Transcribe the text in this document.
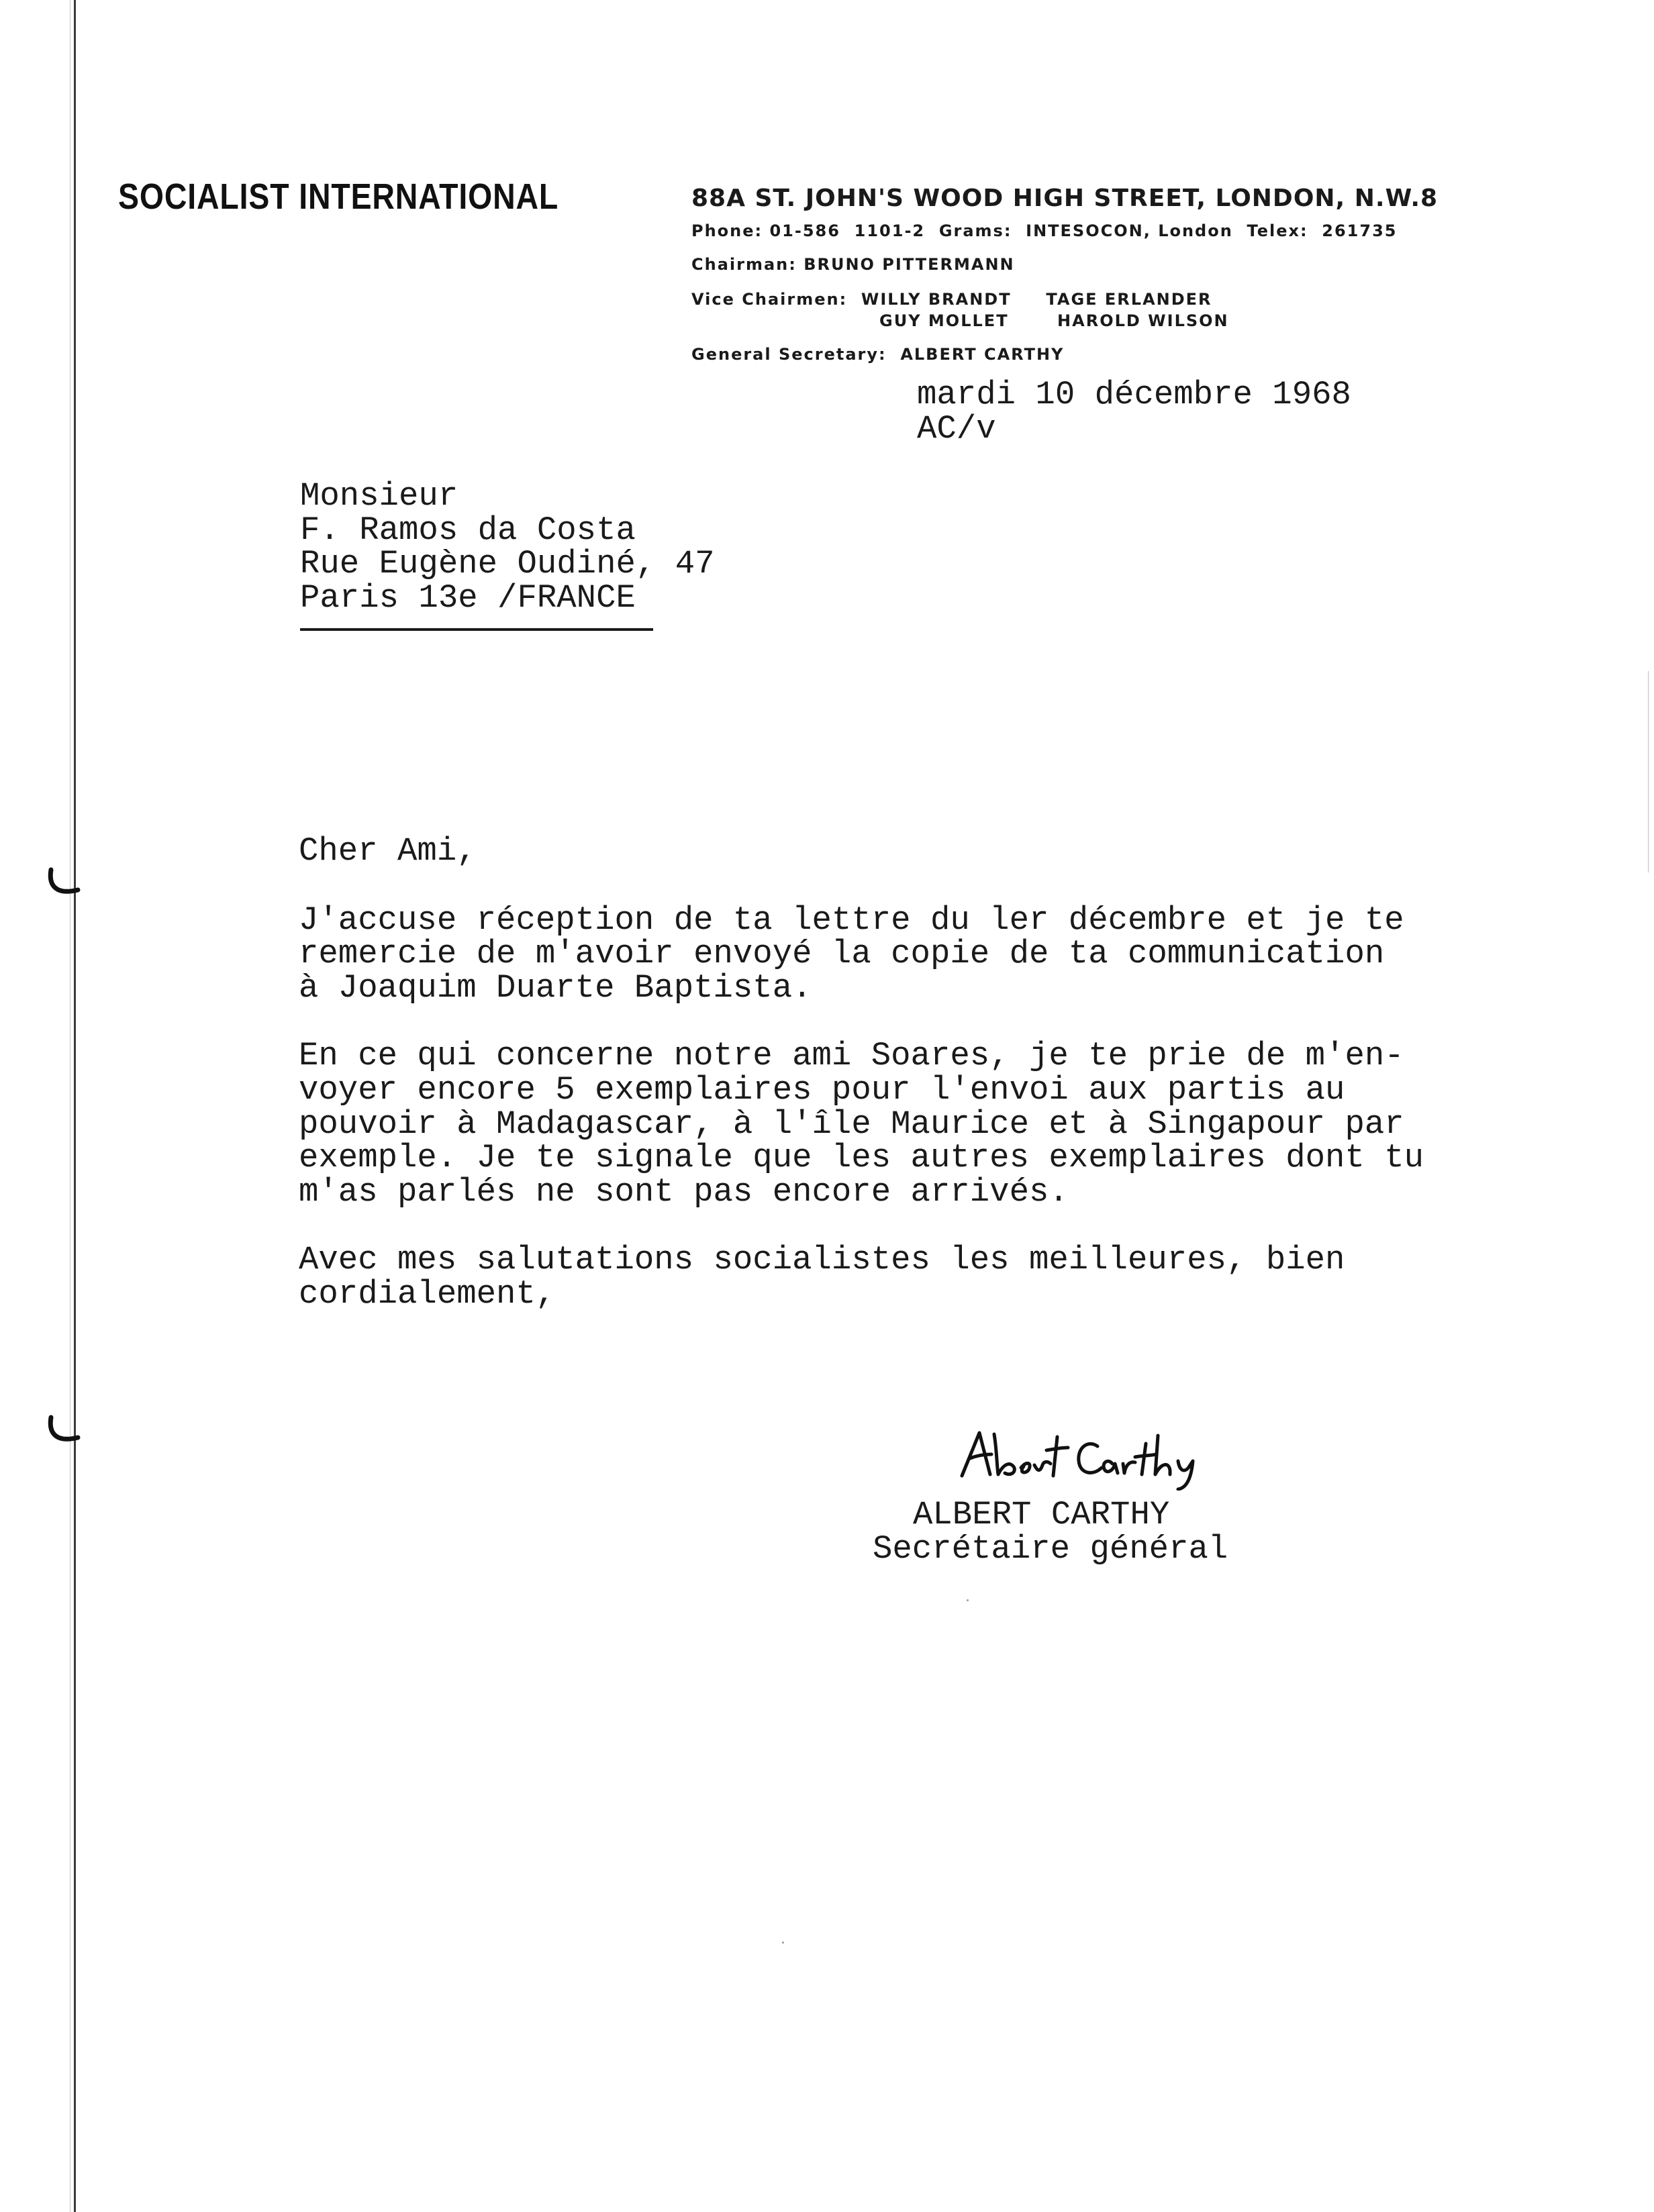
SOCIALIST INTERNATIONAL	88A ST. JOHN'S WOOD HIGH STREET, LONDON, N.W.8
Phone: 01-586  1101-2  Grams:  INTESOCON, London  Telex:  261735
Chairman: BRUNO PITTERMANN
Vice Chairmen:  WILLY BRANDT     TAGE ERLANDER
GUY MOLLET       HAROLD WILSON
General Secretary:  ALBERT CARTHY
mardi 10 décembre 1968
AC/v
Monsieur
F. Ramos da Costa
Rue Eugène Oudiné, 47
Paris 13e /FRANCE
Cher Ami,
J'accuse réception de ta lettre du ler décembre et je te
remercie de m'avoir envoyé la copie de ta communication
à Joaquim Duarte Baptista.
En ce qui concerne notre ami Soares, je te prie de m'en-
voyer encore 5 exemplaires pour l'envoi aux partis au
pouvoir à Madagascar, à l'île Maurice et à Singapour par
exemple. Je te signale que les autres exemplaires dont tu
m'as parlés ne sont pas encore arrivés.
Avec mes salutations socialistes les meilleures, bien
cordialement,

ALBERT CARTHY
Secrétaire général
